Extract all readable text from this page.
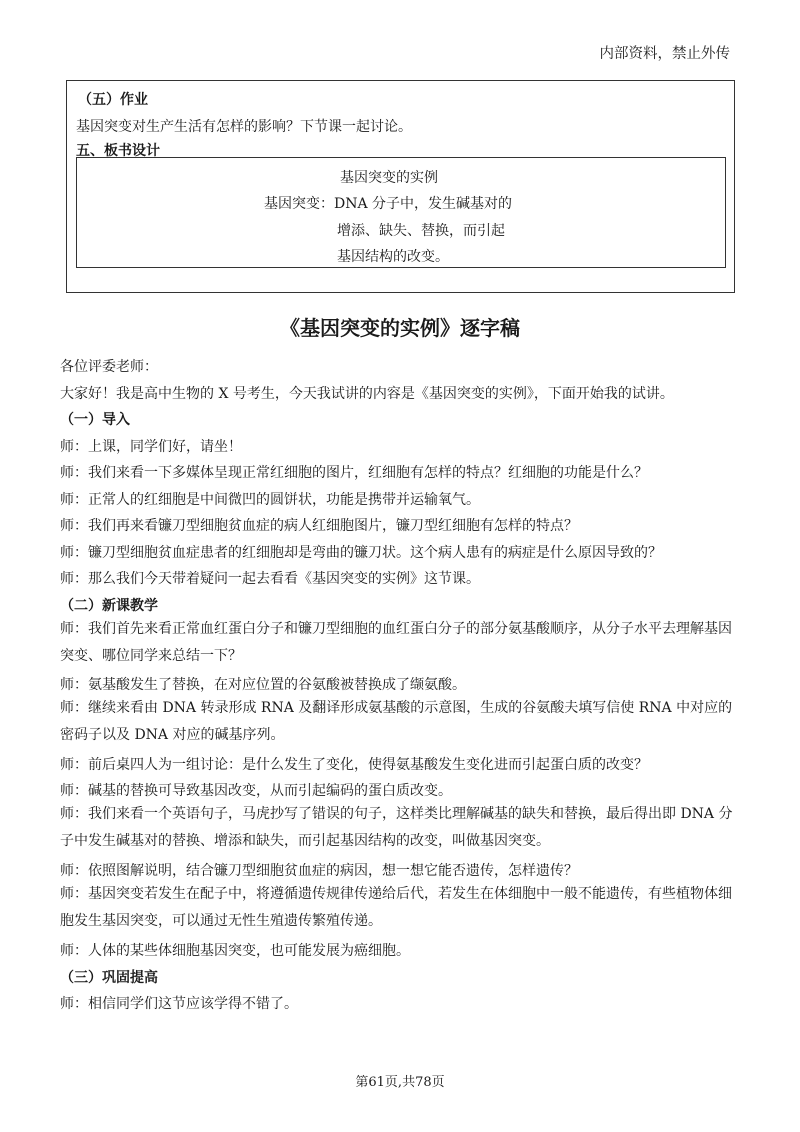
内部资料，禁止外传
（五）作业
基因突变对生产生活有怎样的影响？下节课一起讨论。
五、板书设计
基因突变的实例
基因突变：DNA 分子中，发生碱基对的
增添、缺失、替换，而引起
基因结构的改变。
《基因突变的实例》逐字稿
各位评委老师：
大家好！我是高中生物的 X 号考生，今天我试讲的内容是《基因突变的实例》，下面开始我的试讲。
（一）导入
师：上课，同学们好，请坐！
师：我们来看一下多媒体呈现正常红细胞的图片，红细胞有怎样的特点？红细胞的功能是什么？
师：正常人的红细胞是中间微凹的圆饼状，功能是携带并运输氧气。
师：我们再来看镰刀型细胞贫血症的病人红细胞图片，镰刀型红细胞有怎样的特点？
师：镰刀型细胞贫血症患者的红细胞却是弯曲的镰刀状。这个病人患有的病症是什么原因导致的？
师：那么我们今天带着疑问一起去看看《基因突变的实例》这节课。
（二）新课教学
师：我们首先来看正常血红蛋白分子和镰刀型细胞的血红蛋白分子的部分氨基酸顺序，从分子水平去理解基因突变、哪位同学来总结一下？
师：氨基酸发生了替换，在对应位置的谷氨酸被替换成了缬氨酸。
师：继续来看由 DNA 转录形成 RNA 及翻译形成氨基酸的示意图，生成的谷氨酸夫填写信使 RNA 中对应的密码子以及 DNA 对应的碱基序列。
师：前后桌四人为一组讨论：是什么发生了变化，使得氨基酸发生变化进而引起蛋白质的改变？
师：碱基的替换可导致基因改变，从而引起编码的蛋白质改变。
师：我们来看一个英语句子，马虎抄写了错误的句子，这样类比理解碱基的缺失和替换，最后得出即 DNA 分子中发生碱基对的替换、增添和缺失，而引起基因结构的改变，叫做基因突变。
师：依照图解说明，结合镰刀型细胞贫血症的病因，想一想它能否遗传，怎样遗传？
师：基因突变若发生在配子中，将遵循遗传规律传递给后代，若发生在体细胞中一般不能遗传，有些植物体细胞发生基因突变，可以通过无性生殖遗传繁殖传递。
师：人体的某些体细胞基因突变，也可能发展为癌细胞。
（三）巩固提高
师：相信同学们这节应该学得不错了。
第61页,共78页
